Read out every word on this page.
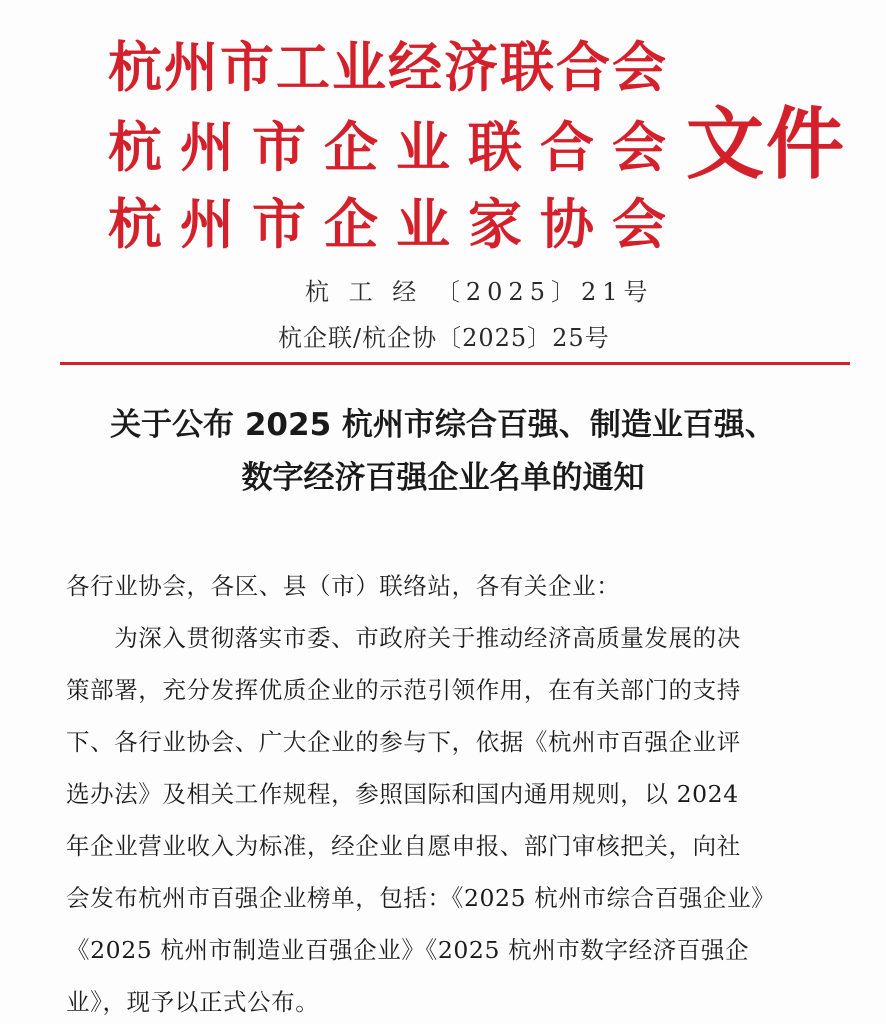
杭州市工业经济联合会
杭州市企业联合会
杭州市企业家协会
文件
杭 工 经 〔2025〕21号
杭企联/杭企协〔2025〕25号
关于公布 2025 杭州市综合百强、制造业百强、
数字经济百强企业名单的通知
各行业协会，各区、县（市）联络站，各有关企业：
　　为深入贯彻落实市委、市政府关于推动经济高质量发展的决
策部署，充分发挥优质企业的示范引领作用，在有关部门的支持
下、各行业协会、广大企业的参与下，依据《杭州市百强企业评
选办法》及相关工作规程，参照国际和国内通用规则，以 2024
年企业营业收入为标准，经企业自愿申报、部门审核把关，向社
会发布杭州市百强企业榜单，包括：《2025 杭州市综合百强企业》
《2025 杭州市制造业百强企业》《2025 杭州市数字经济百强企
业》，现予以正式公布。
